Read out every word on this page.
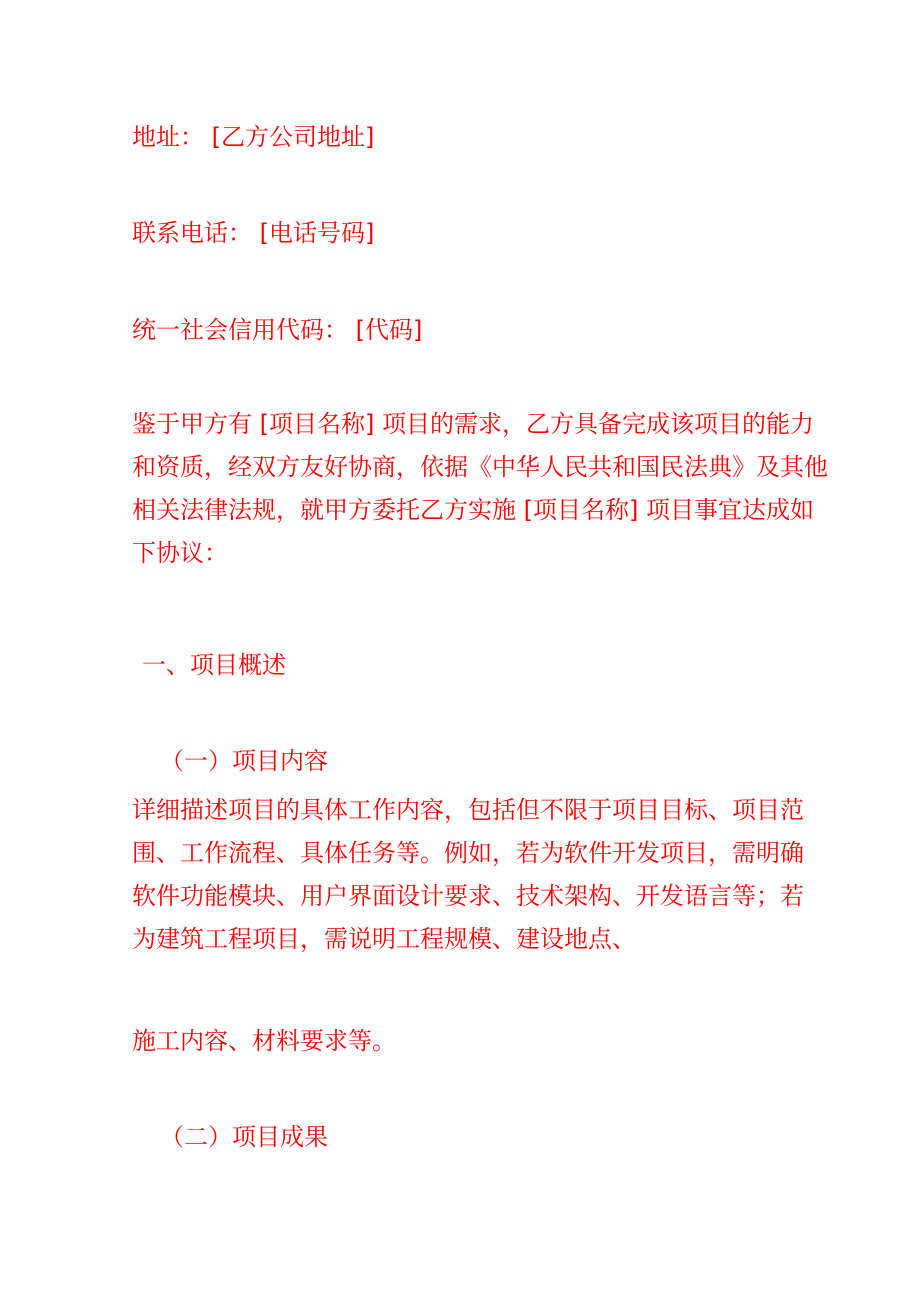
地址： [乙方公司地址]
联系电话： [电话号码]
统一社会信用代码： [代码]
鉴于甲方有 [项目名称] 项目的需求，乙方具备完成该项目的能力
和资质，经双方友好协商，依据《中华人民共和国民法典》及其他
相关法律法规，就甲方委托乙方实施 [项目名称] 项目事宜达成如
下协议：
一、项目概述
（一）项目内容
详细描述项目的具体工作内容，包括但不限于项目目标、项目范
围、工作流程、具体任务等。例如，若为软件开发项目，需明确
软件功能模块、用户界面设计要求、技术架构、开发语言等；若
为建筑工程项目，需说明工程规模、建设地点、
施工内容、材料要求等。
（二）项目成果
